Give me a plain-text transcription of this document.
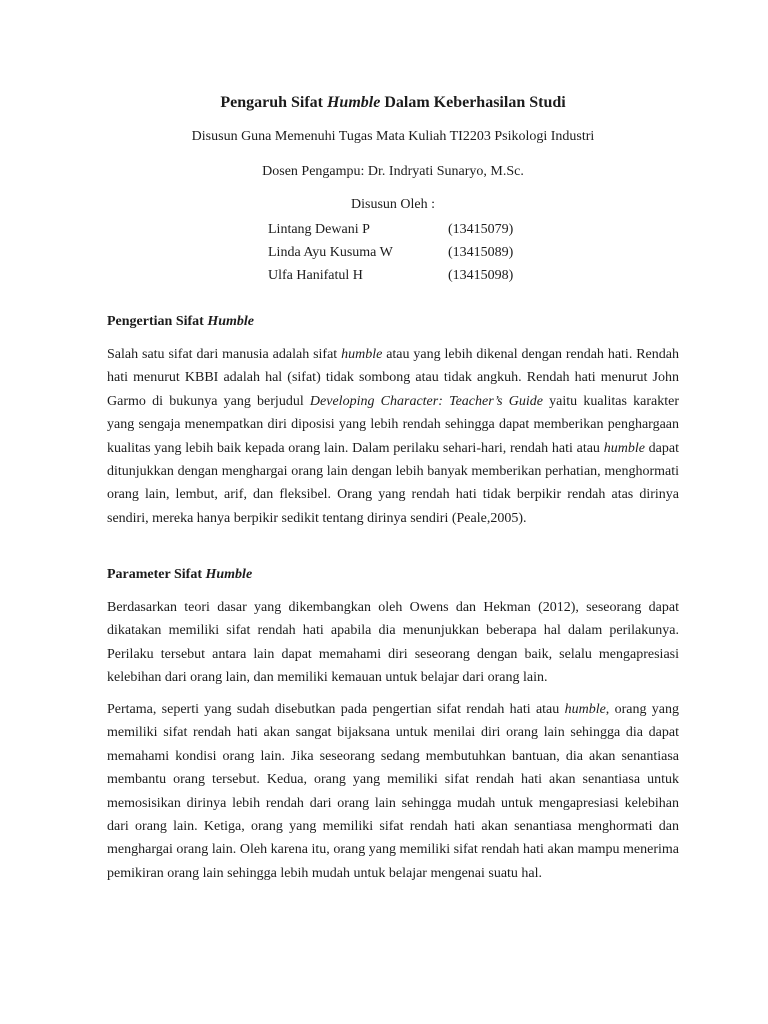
Pengaruh Sifat Humble Dalam Keberhasilan Studi

Disusun Guna Memenuhi Tugas Mata Kuliah TI2203 Psikologi Industri

Dosen Pengampu: Dr. Indryati Sunaryo, M.Sc.

Disusun Oleh :

Lintang Dewani P	(13415079)
Linda Ayu Kusuma W	(13415089)
Ulfa Hanifatul H	(13415098)
Pengertian Sifat Humble

Salah satu sifat dari manusia adalah sifat humble atau yang lebih dikenal dengan rendah hati. Rendah hati menurut KBBI adalah hal (sifat) tidak sombong atau tidak angkuh. Rendah hati menurut John Garmo di bukunya yang berjudul Developing Character: Teacher’s Guide yaitu kualitas karakter yang sengaja menempatkan diri diposisi yang lebih rendah sehingga dapat memberikan penghargaan kualitas yang lebih baik kepada orang lain. Dalam perilaku sehari-hari, rendah hati atau humble dapat ditunjukkan dengan menghargai orang lain dengan lebih banyak memberikan perhatian, menghormati orang lain, lembut, arif, dan fleksibel. Orang yang rendah hati tidak berpikir rendah atas dirinya sendiri, mereka hanya berpikir sedikit tentang dirinya sendiri (Peale,2005).

Parameter Sifat Humble

Berdasarkan teori dasar yang dikembangkan oleh Owens dan Hekman (2012), seseorang dapat dikatakan memiliki sifat rendah hati apabila dia menunjukkan beberapa hal dalam perilakunya. Perilaku tersebut antara lain dapat memahami diri seseorang dengan baik, selalu mengapresiasi kelebihan dari orang lain, dan memiliki kemauan untuk belajar dari orang lain.

Pertama, seperti yang sudah disebutkan pada pengertian sifat rendah hati atau humble, orang yang memiliki sifat rendah hati akan sangat bijaksana untuk menilai diri orang lain sehingga dia dapat memahami kondisi orang lain. Jika seseorang sedang membutuhkan bantuan, dia akan senantiasa membantu orang tersebut. Kedua, orang yang memiliki sifat rendah hati akan senantiasa untuk memosisikan dirinya lebih rendah dari orang lain sehingga mudah untuk mengapresiasi kelebihan dari orang lain. Ketiga, orang yang memiliki sifat rendah hati akan senantiasa menghormati dan menghargai orang lain. Oleh karena itu, orang yang memiliki sifat rendah hati akan mampu menerima pemikiran orang lain sehingga lebih mudah untuk belajar mengenai suatu hal.
